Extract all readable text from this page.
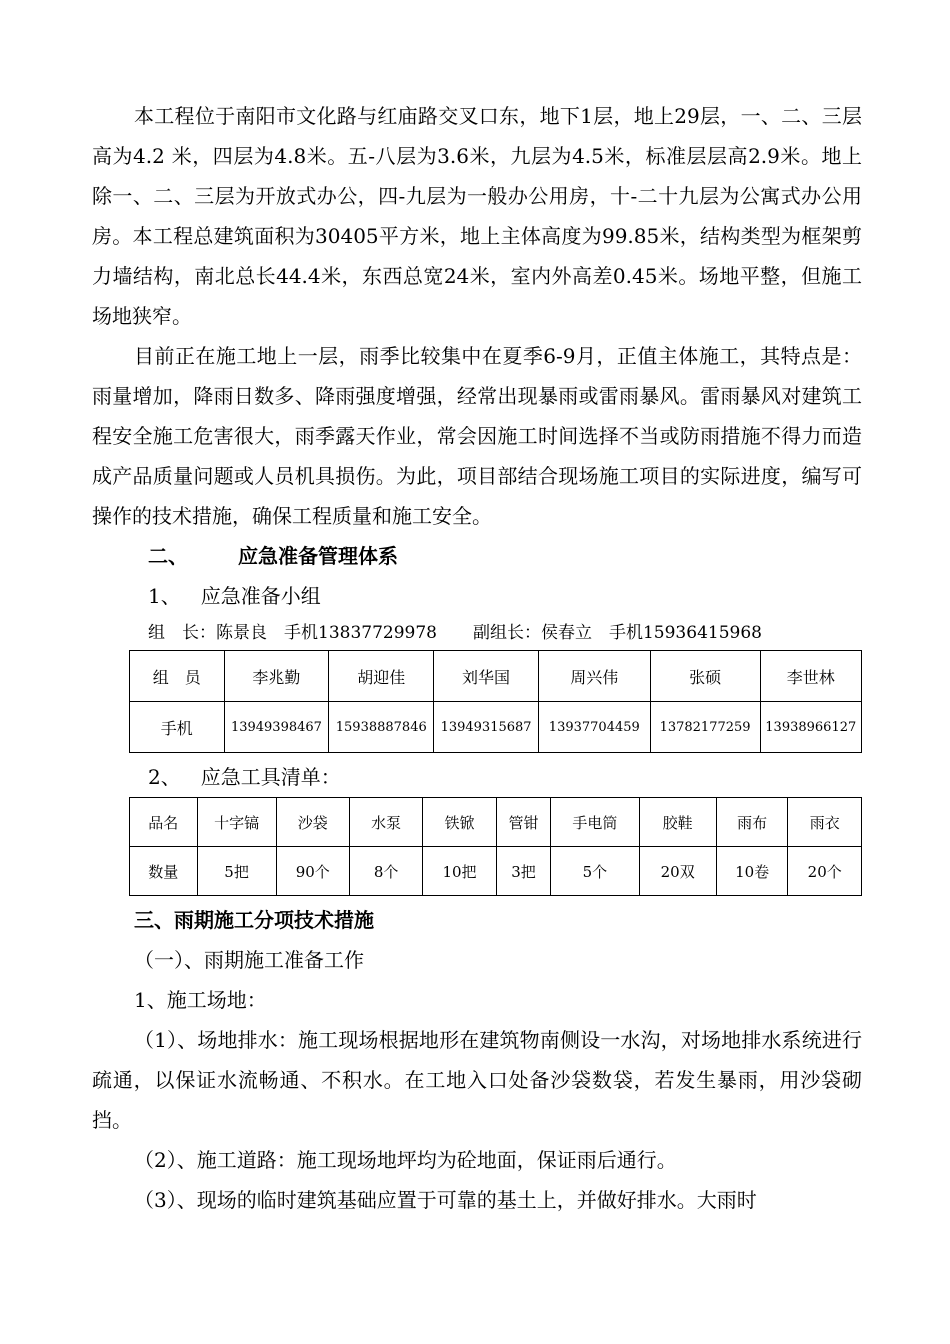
本工程位于南阳市文化路与红庙路交叉口东，地下1层，地上29层，一、二、三层高为4.2 米，四层为4.8米。五-八层为3.6米，九层为4.5米，标准层层高2.9米。地上除一、二、三层为开放式办公，四-九层为一般办公用房，十-二十九层为公寓式办公用房。本工程总建筑面积为30405平方米，地上主体高度为99.85米，结构类型为框架剪力墙结构，南北总长44.4米，东西总宽24米，室内外高差0.45米。场地平整，但施工场地狭窄。

目前正在施工地上一层，雨季比较集中在夏季6-9月，正值主体施工，其特点是：雨量增加，降雨日数多、降雨强度增强，经常出现暴雨或雷雨暴风。雷雨暴风对建筑工程安全施工危害很大，雨季露天作业，常会因施工时间选择不当或防雨措施不得力而造成产品质量问题或人员机具损伤。为此，项目部结合现场施工项目的实际进度，编写可操作的技术措施，确保工程质量和施工安全。

二、	应急准备管理体系
1、 应急准备小组
组　长：陈景良　手机13837729978 副组长：侯春立　手机15936415968
组　员	李兆勤	胡迎佳	刘华国	周兴伟	张硕	李世林
手机	13949398467	15938887846	13949315687	13937704459	13782177259	13938966127
2、 应急工具清单：
品名	十字镐	沙袋	水泵	铁锨	管钳	手电筒	胶鞋	雨布	雨衣
数量	5把	90个	8个	10把	3把	5个	20双	10卷	20个
三、雨期施工分项技术措施
（一）、雨期施工准备工作
1、施工场地：

（1）、场地排水：施工现场根据地形在建筑物南侧设一水沟，对场地排水系统进行疏通，以保证水流畅通、不积水。在工地入口处备沙袋数袋，若发生暴雨，用沙袋砌挡。

（2）、施工道路：施工现场地坪均为砼地面，保证雨后通行。

（3）、现场的临时建筑基础应置于可靠的基土上，并做好排水。大雨时
